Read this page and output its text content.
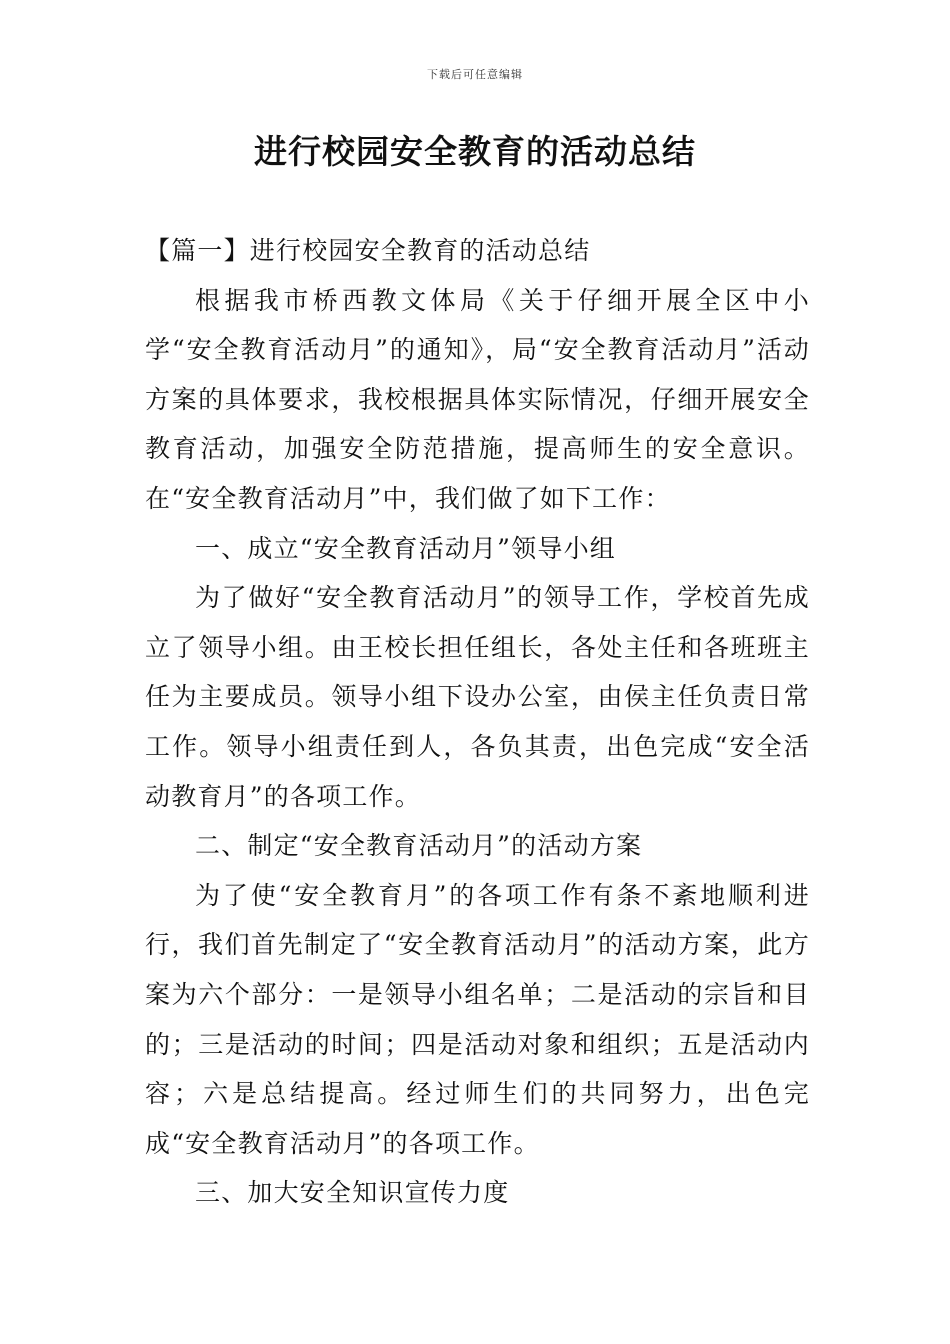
下载后可任意编辑
进行校园安全教育的活动总结

【篇一】进行校园安全教育的活动总结

根据我市桥西教文体局《关于仔细开展全区中小学“安全教育活动月”的通知》，局“安全教育活动月”活动方案的具体要求，我校根据具体实际情况，仔细开展安全教育活动，加强安全防范措施，提高师生的安全意识。在“安全教育活动月”中，我们做了如下工作：

一、成立“安全教育活动月”领导小组

为了做好“安全教育活动月”的领导工作，学校首先成立了领导小组。由王校长担任组长，各处主任和各班班主任为主要成员。领导小组下设办公室，由侯主任负责日常工作。领导小组责任到人，各负其责，出色完成“安全活动教育月”的各项工作。

二、制定“安全教育活动月”的活动方案

为了使“安全教育月”的各项工作有条不紊地顺利进行，我们首先制定了“安全教育活动月”的活动方案，此方案为六个部分：一是领导小组名单；二是活动的宗旨和目的；三是活动的时间；四是活动对象和组织；五是活动内容；六是总结提高。经过师生们的共同努力，出色完成“安全教育活动月”的各项工作。

三、加大安全知识宣传力度
